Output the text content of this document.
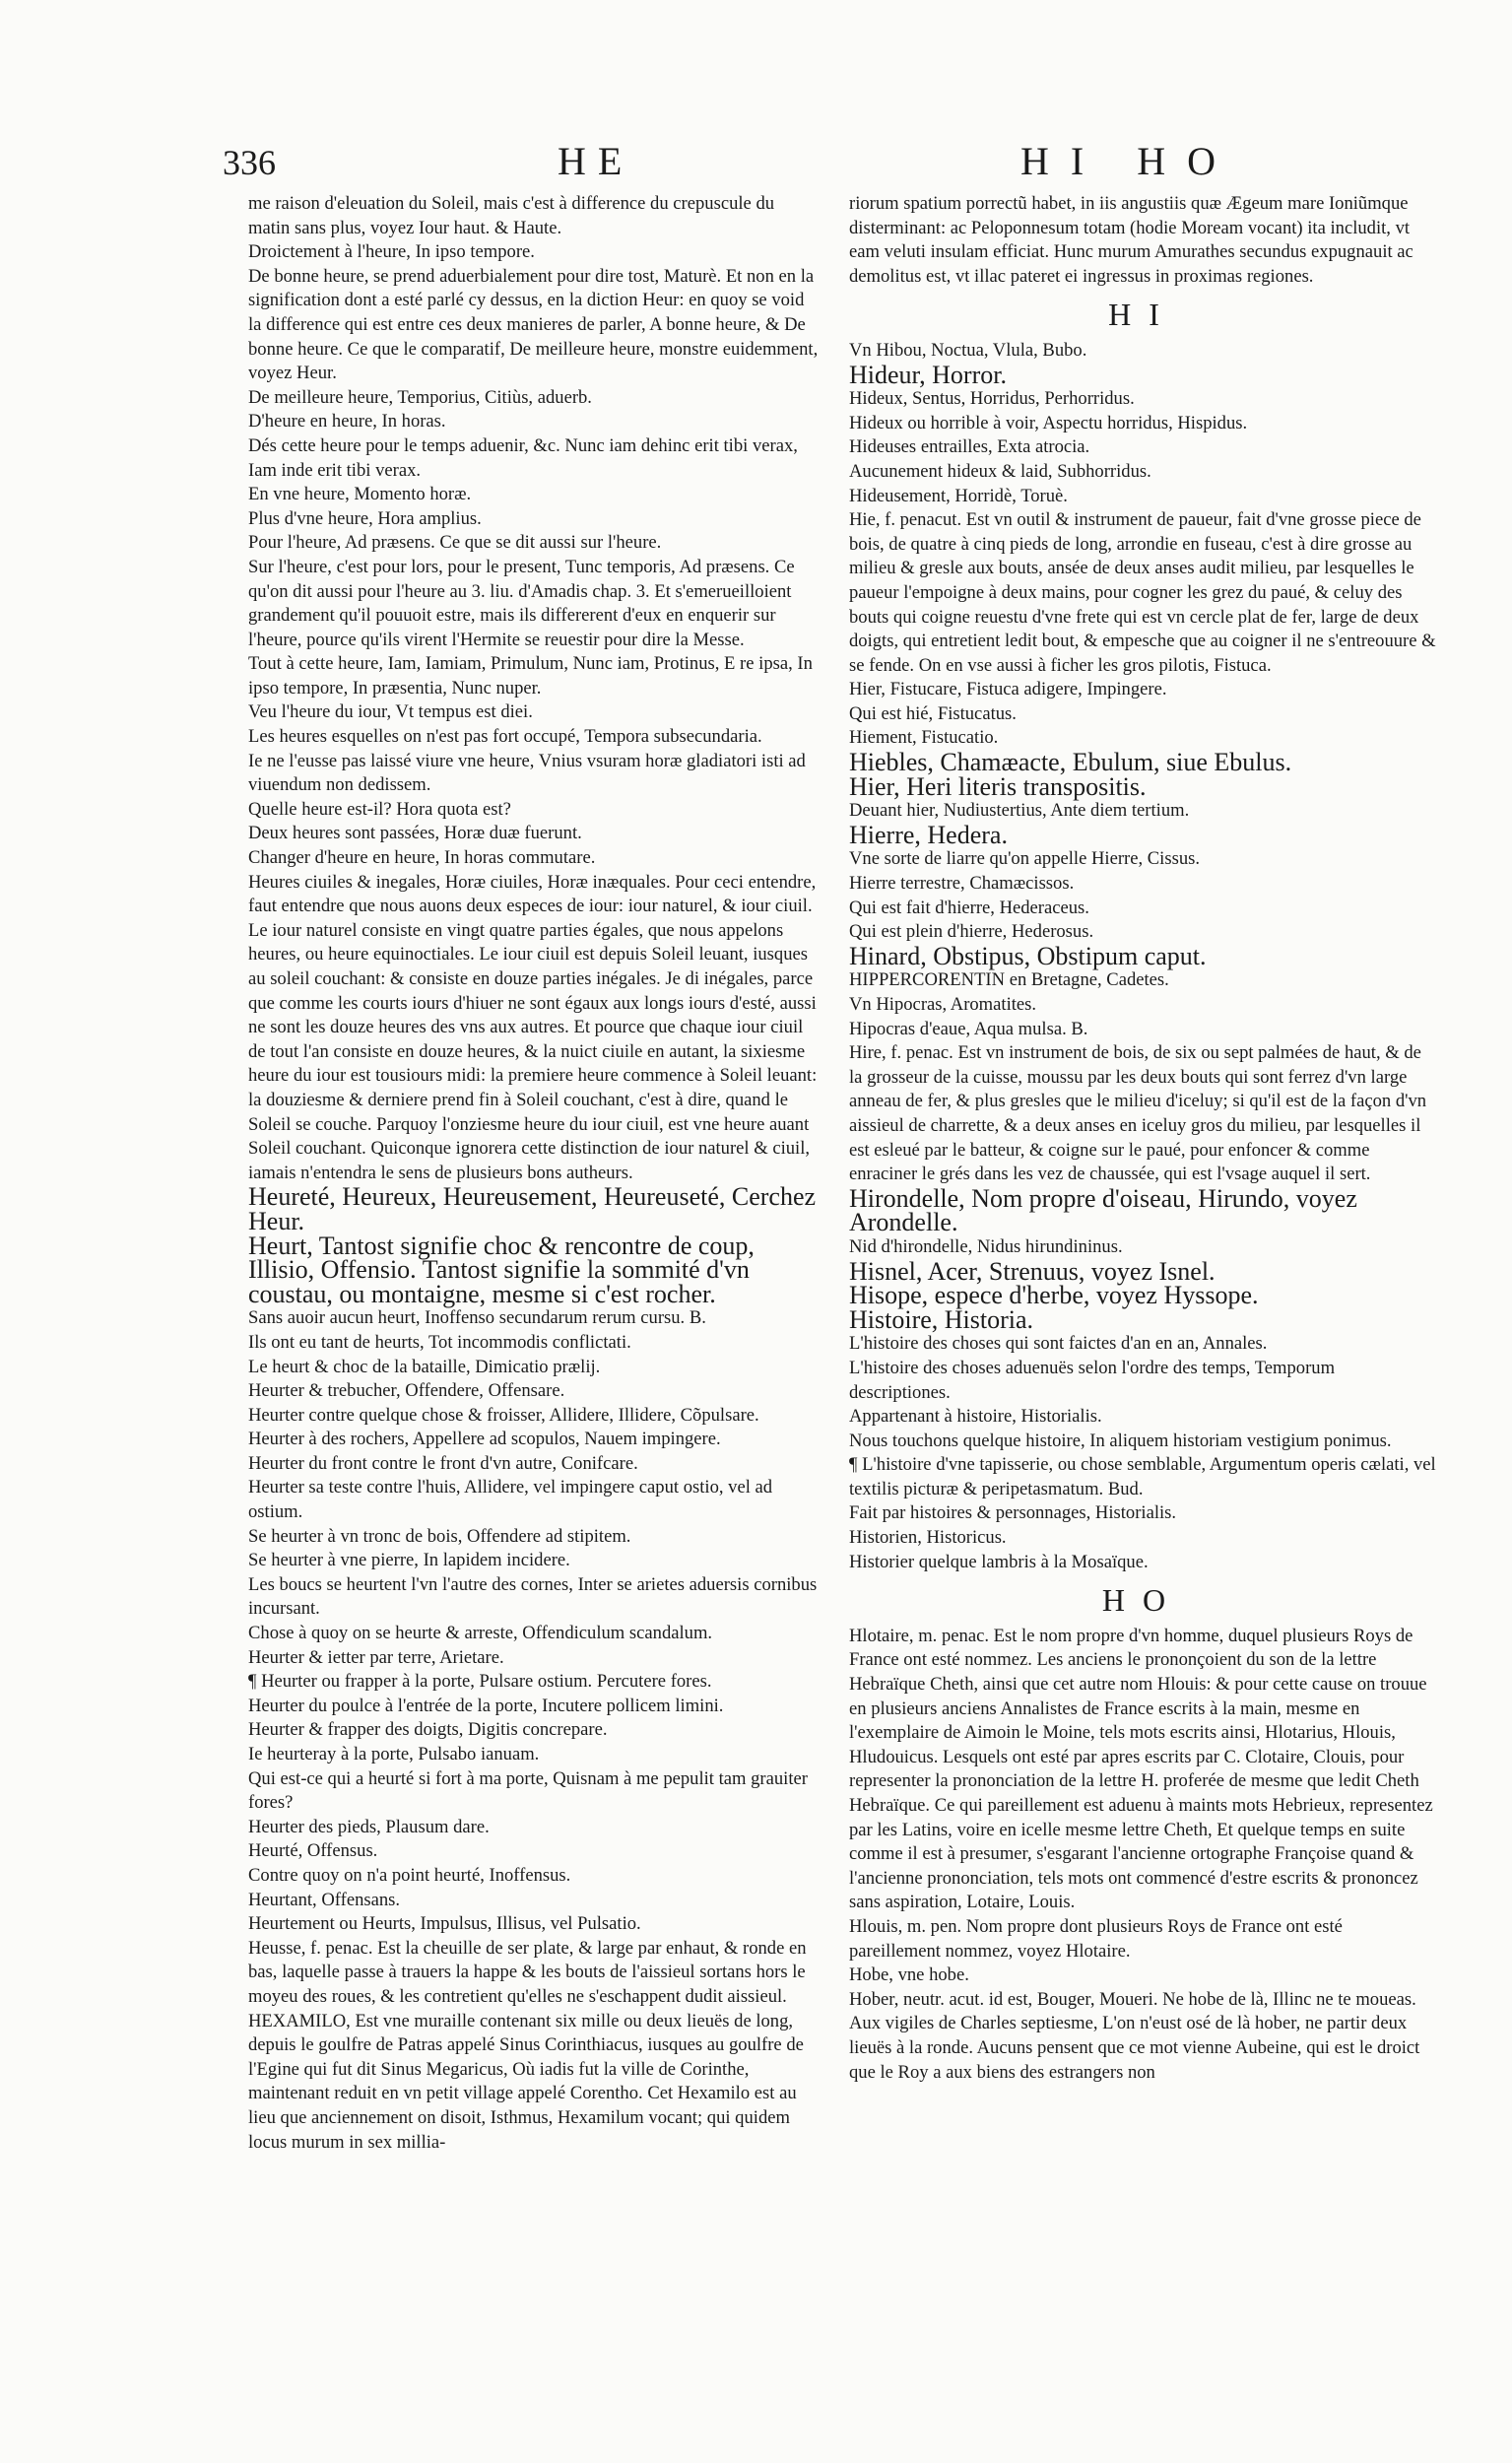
336	HE	HI HO

me raison d'eleuation du Soleil, mais c'est à difference du crepuscule du matin sans plus, voyez Iour haut. & Haute.

Droictement à l'heure, In ipso tempore.

De bonne heure, se prend aduerbialement pour dire tost, Maturè. Et non en la signification dont a esté parlé cy dessus, en la diction Heur: en quoy se void la difference qui est entre ces deux manieres de parler, A bonne heure, & De bonne heure. Ce que le comparatif, De meilleure heure, monstre euidemment, voyez Heur.

De meilleure heure, Temporius, Citiùs, aduerb.

D'heure en heure, In horas.

Dés cette heure pour le temps aduenir, &c. Nunc iam dehinc erit tibi verax, Iam inde erit tibi verax.

En vne heure, Momento horæ.

Plus d'vne heure, Hora amplius.

Pour l'heure, Ad præsens. Ce que se dit aussi sur l'heure.

Sur l'heure, c'est pour lors, pour le present, Tunc temporis, Ad præsens. Ce qu'on dit aussi pour l'heure au 3. liu. d'Amadis chap. 3. Et s'emerueilloient grandement qu'il pouuoit estre, mais ils differerent d'eux en enquerir sur l'heure, pource qu'ils virent l'Hermite se reuestir pour dire la Messe.

Tout à cette heure, Iam, Iamiam, Primulum, Nunc iam, Protinus, E re ipsa, In ipso tempore, In præsentia, Nunc nuper.

Veu l'heure du iour, Vt tempus est diei.

Les heures esquelles on n'est pas fort occupé, Tempora subsecundaria.

Ie ne l'eusse pas laissé viure vne heure, Vnius vsuram horæ gladiatori isti ad viuendum non dedissem.

Quelle heure est-il? Hora quota est?

Deux heures sont passées, Horæ duæ fuerunt.

Changer d'heure en heure, In horas commutare.

Heures ciuiles & inegales, Horæ ciuiles, Horæ inæquales. Pour ceci entendre, faut entendre que nous auons deux especes de iour: iour naturel, & iour ciuil. Le iour naturel consiste en vingt quatre parties égales, que nous appelons heures, ou heure equinoctiales. Le iour ciuil est depuis Soleil leuant, iusques au soleil couchant: & consiste en douze parties inégales. Je di inégales, parce que comme les courts iours d'hiuer ne sont égaux aux longs iours d'esté, aussi ne sont les douze heures des vns aux autres. Et pource que chaque iour ciuil de tout l'an consiste en douze heures, & la nuict ciuile en autant, la sixiesme heure du iour est tousiours midi: la premiere heure commence à Soleil leuant: la douziesme & derniere prend fin à Soleil couchant, c'est à dire, quand le Soleil se couche. Parquoy l'onziesme heure du iour ciuil, est vne heure auant Soleil couchant. Quiconque ignorera cette distinction de iour naturel & ciuil, iamais n'entendra le sens de plusieurs bons autheurs.

Heureté, Heureux, Heureusement, Heureuseté, Cerchez Heur.

Heurt, Tantost signifie choc & rencontre de coup, Illisio, Offensio. Tantost signifie la sommité d'vn coustau, ou montaigne, mesme si c'est rocher.

Sans auoir aucun heurt, Inoffenso secundarum rerum cursu. B.

Ils ont eu tant de heurts, Tot incommodis conflictati.

Le heurt & choc de la bataille, Dimicatio prælij.

Heurter & trebucher, Offendere, Offensare.

Heurter contre quelque chose & froisser, Allidere, Illidere, Cõpulsare.

Heurter à des rochers, Appellere ad scopulos, Nauem impingere.

Heurter du front contre le front d'vn autre, Conifcare.

Heurter sa teste contre l'huis, Allidere, vel impingere caput ostio, vel ad ostium.

Se heurter à vn tronc de bois, Offendere ad stipitem.

Se heurter à vne pierre, In lapidem incidere.

Les boucs se heurtent l'vn l'autre des cornes, Inter se arietes aduersis cornibus incursant.

Chose à quoy on se heurte & arreste, Offendiculum scandalum.

Heurter & ietter par terre, Arietare.

¶ Heurter ou frapper à la porte, Pulsare ostium. Percutere fores.

Heurter du poulce à l'entrée de la porte, Incutere pollicem limini.

Heurter & frapper des doigts, Digitis concrepare.

Ie heurteray à la porte, Pulsabo ianuam.

Qui est-ce qui a heurté si fort à ma porte, Quisnam à me pepulit tam grauiter fores?

Heurter des pieds, Plausum dare.

Heurté, Offensus.

Contre quoy on n'a point heurté, Inoffensus.

Heurtant, Offensans.

Heurtement ou Heurts, Impulsus, Illisus, vel Pulsatio.

Heusse, f. penac. Est la cheuille de ser plate, & large par enhaut, & ronde en bas, laquelle passe à trauers la happe & les bouts de l'aissieul sortans hors le moyeu des roues, & les contretient qu'elles ne s'eschappent dudit aissieul.

HEXAMILO, Est vne muraille contenant six mille ou deux lieuës de long, depuis le goulfre de Patras appelé Sinus Corinthiacus, iusques au goulfre de l'Egine qui fut dit Sinus Megaricus, Où iadis fut la ville de Corinthe, maintenant reduit en vn petit village appelé Corentho. Cet Hexamilo est au lieu que anciennement on disoit, Isthmus, Hexamilum vocant; qui quidem locus murum in sex millia-

riorum spatium porrectũ habet, in iis angustiis quæ Ægeum mare Ioniũmque disterminant: ac Peloponnesum totam (hodie Moream vocant) ita includit, vt eam veluti insulam efficiat. Hunc murum Amurathes secundus expugnauit ac demolitus est, vt illac pateret ei ingressus in proximas regiones.

HI

Vn Hibou, Noctua, Vlula, Bubo.

Hideur, Horror.

Hideux, Sentus, Horridus, Perhorridus.

Hideux ou horrible à voir, Aspectu horridus, Hispidus.

Hideuses entrailles, Exta atrocia.

Aucunement hideux & laid, Subhorridus.

Hideusement, Horridè, Toruè.

Hie, f. penacut. Est vn outil & instrument de paueur, fait d'vne grosse piece de bois, de quatre à cinq pieds de long, arrondie en fuseau, c'est à dire grosse au milieu & gresle aux bouts, ansée de deux anses audit milieu, par lesquelles le paueur l'empoigne à deux mains, pour cogner les grez du paué, & celuy des bouts qui coigne reuestu d'vne frete qui est vn cercle plat de fer, large de deux doigts, qui entretient ledit bout, & empesche que au coigner il ne s'entreouure & se fende. On en vse aussi à ficher les gros pilotis, Fistuca.

Hier, Fistucare, Fistuca adigere, Impingere.

Qui est hié, Fistucatus.

Hiement, Fistucatio.

Hiebles, Chamæacte, Ebulum, siue Ebulus.

Hier, Heri literis transpositis.

Deuant hier, Nudiustertius, Ante diem tertium.

Hierre, Hedera.

Vne sorte de liarre qu'on appelle Hierre, Cissus.

Hierre terrestre, Chamæcissos.

Qui est fait d'hierre, Hederaceus.

Qui est plein d'hierre, Hederosus.

Hinard, Obstipus, Obstipum caput.

HIPPERCORENTIN en Bretagne, Cadetes.

Vn Hipocras, Aromatites.

Hipocras d'eaue, Aqua mulsa. B.

Hire, f. penac. Est vn instrument de bois, de six ou sept palmées de haut, & de la grosseur de la cuisse, moussu par les deux bouts qui sont ferrez d'vn large anneau de fer, & plus gresles que le milieu d'iceluy; si qu'il est de la façon d'vn aissieul de charrette, & a deux anses en iceluy gros du milieu, par lesquelles il est esleué par le batteur, & coigne sur le paué, pour enfoncer & comme enraciner le grés dans les vez de chaussée, qui est l'vsage auquel il sert.

Hirondelle, Nom propre d'oiseau, Hirundo, voyez Arondelle.

Nid d'hirondelle, Nidus hirundininus.

Hisnel, Acer, Strenuus, voyez Isnel.

Hisope, espece d'herbe, voyez Hyssope.

Histoire, Historia.

L'histoire des choses qui sont faictes d'an en an, Annales.

L'histoire des choses aduenuës selon l'ordre des temps, Temporum descriptiones.

Appartenant à histoire, Historialis.

Nous touchons quelque histoire, In aliquem historiam vestigium ponimus.

¶ L'histoire d'vne tapisserie, ou chose semblable, Argumentum operis cælati, vel textilis picturæ & peripetasmatum. Bud.

Fait par histoires & personnages, Historialis.

Historien, Historicus.

Historier quelque lambris à la Mosaïque.

HO

Hlotaire, m. penac. Est le nom propre d'vn homme, duquel plusieurs Roys de France ont esté nommez. Les anciens le prononçoient du son de la lettre Hebraïque Cheth, ainsi que cet autre nom Hlouis: & pour cette cause on trouue en plusieurs anciens Annalistes de France escrits à la main, mesme en l'exemplaire de Aimoin le Moine, tels mots escrits ainsi, Hlotarius, Hlouis, Hludouicus. Lesquels ont esté par apres escrits par C. Clotaire, Clouis, pour representer la prononciation de la lettre H. proferée de mesme que ledit Cheth Hebraïque. Ce qui pareillement est aduenu à maints mots Hebrieux, representez par les Latins, voire en icelle mesme lettre Cheth, Et quelque temps en suite comme il est à presumer, s'esgarant l'ancienne ortographe Françoise quand & l'ancienne prononciation, tels mots ont commencé d'estre escrits & prononcez sans aspiration, Lotaire, Louis.

Hlouis, m. pen. Nom propre dont plusieurs Roys de France ont esté pareillement nommez, voyez Hlotaire.

Hobe, vne hobe.

Hober, neutr. acut. id est, Bouger, Moueri. Ne hobe de là, Illinc ne te moueas. Aux vigiles de Charles septiesme, L'on n'eust osé de là hober, ne partir deux lieuës à la ronde. Aucuns pensent que ce mot vienne Aubeine, qui est le droict que le Roy a aux biens des estrangers non
